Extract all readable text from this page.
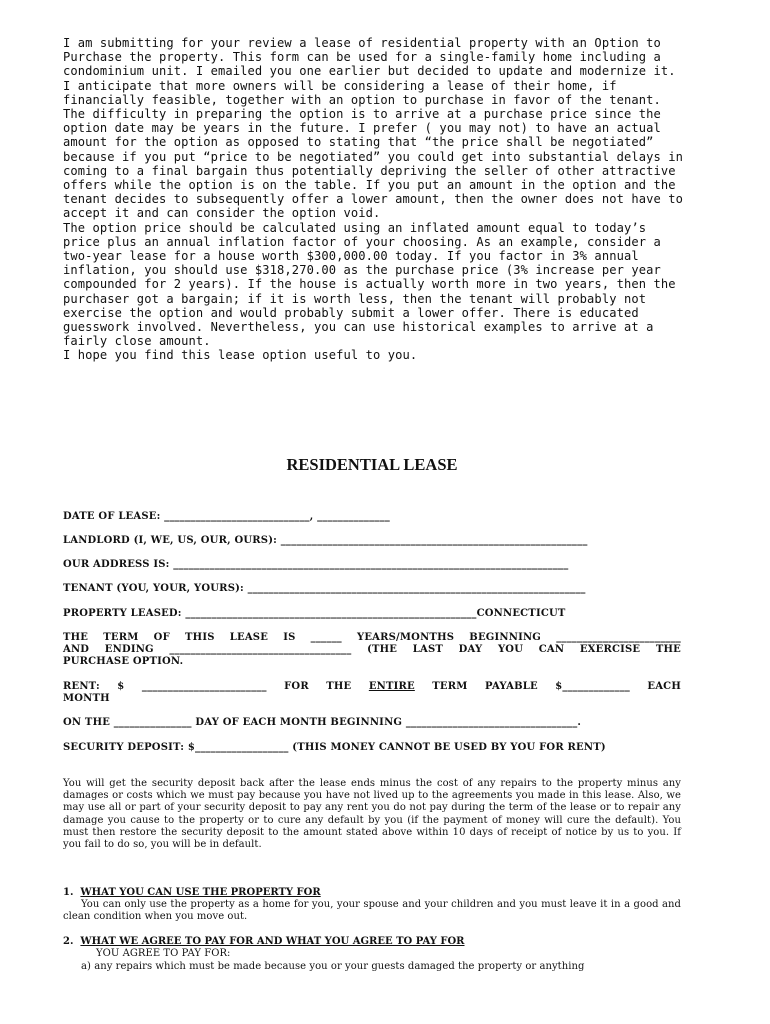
I am submitting for your review a lease of residential property with an Option to Purchase the property. This form can be used for a single-family home including a condominium unit. I emailed you one earlier but decided to update and modernize it.

I anticipate that more owners will be considering a lease of their home, if financially feasible, together with an option to purchase in favor of the tenant. The difficulty in preparing the option is to arrive at a purchase price since the option date may be years in the future. I prefer ( you may not) to have an actual amount for the option as opposed to stating that “the price shall be negotiated” because if you put “price to be negotiated” you could get into substantial delays in coming to a final bargain thus potentially depriving the seller of other attractive offers while the option is on the table. If you put an amount in the option and the tenant decides to subsequently offer a lower amount, then the owner does not have to accept it and can consider the option void.

The option price should be calculated using an inflated amount equal to today’s price plus an annual inflation factor of your choosing. As an example, consider a two-year lease for a house worth $300,000.00 today. If you factor in 3% annual inflation, you should use $318,270.00 as the purchase price (3% increase per year compounded for 2 years). If the house is actually worth more in two years, then the purchaser got a bargain; if it is worth less, then the tenant will probably not exercise the option and would probably submit a lower offer. There is educated guesswork involved. Nevertheless, you can use historical examples to arrive at a fairly close amount.

I hope you find this lease option useful to you.

RESIDENTIAL LEASE
DATE OF LEASE: ____________________________, ______________
LANDLORD (I, WE, US, OUR, OURS): ___________________________________________________________
OUR ADDRESS IS: ____________________________________________________________________________
TENANT (YOU, YOUR, YOURS): _________________________________________________________________
PROPERTY LEASED: ________________________________________________________CONNECTICUT
THE TERM OF THIS LEASE IS ______ YEARS/MONTHS BEGINNING ________________________
AND ENDING ___________________________________ (THE LAST DAY YOU CAN EXERCISE THE
PURCHASE OPTION.
RENT: $ ________________________ FOR THE ENTIRE TERM PAYABLE $_____________ EACH
MONTH
ON THE _______________ DAY OF EACH MONTH BEGINNING _________________________________.
SECURITY DEPOSIT: $__________________ (THIS MONEY CANNOT BE USED BY YOU FOR RENT)
You will get the security deposit back after the lease ends minus the cost of any repairs to the property minus any damages or costs which we must pay because you have not lived up to the agreements you made in this lease. Also, we may use all or part of your security deposit to pay any rent you do not pay during the term of the lease or to repair any damage you cause to the property or to cure any default by you (if the payment of money will cure the default). You must then restore the security deposit to the amount stated above within 10 days of receipt of notice by us to you. If you fail to do so, you will be in default.
1. WHAT YOU CAN USE THE PROPERTY FOR
You can only use the property as a home for you, your spouse and your children and you must leave it in a good and clean condition when you move out.
2. WHAT WE AGREE TO PAY FOR AND WHAT YOU AGREE TO PAY FOR
YOU AGREE TO PAY FOR:
a) any repairs which must be made because you or your guests damaged the property or anything
